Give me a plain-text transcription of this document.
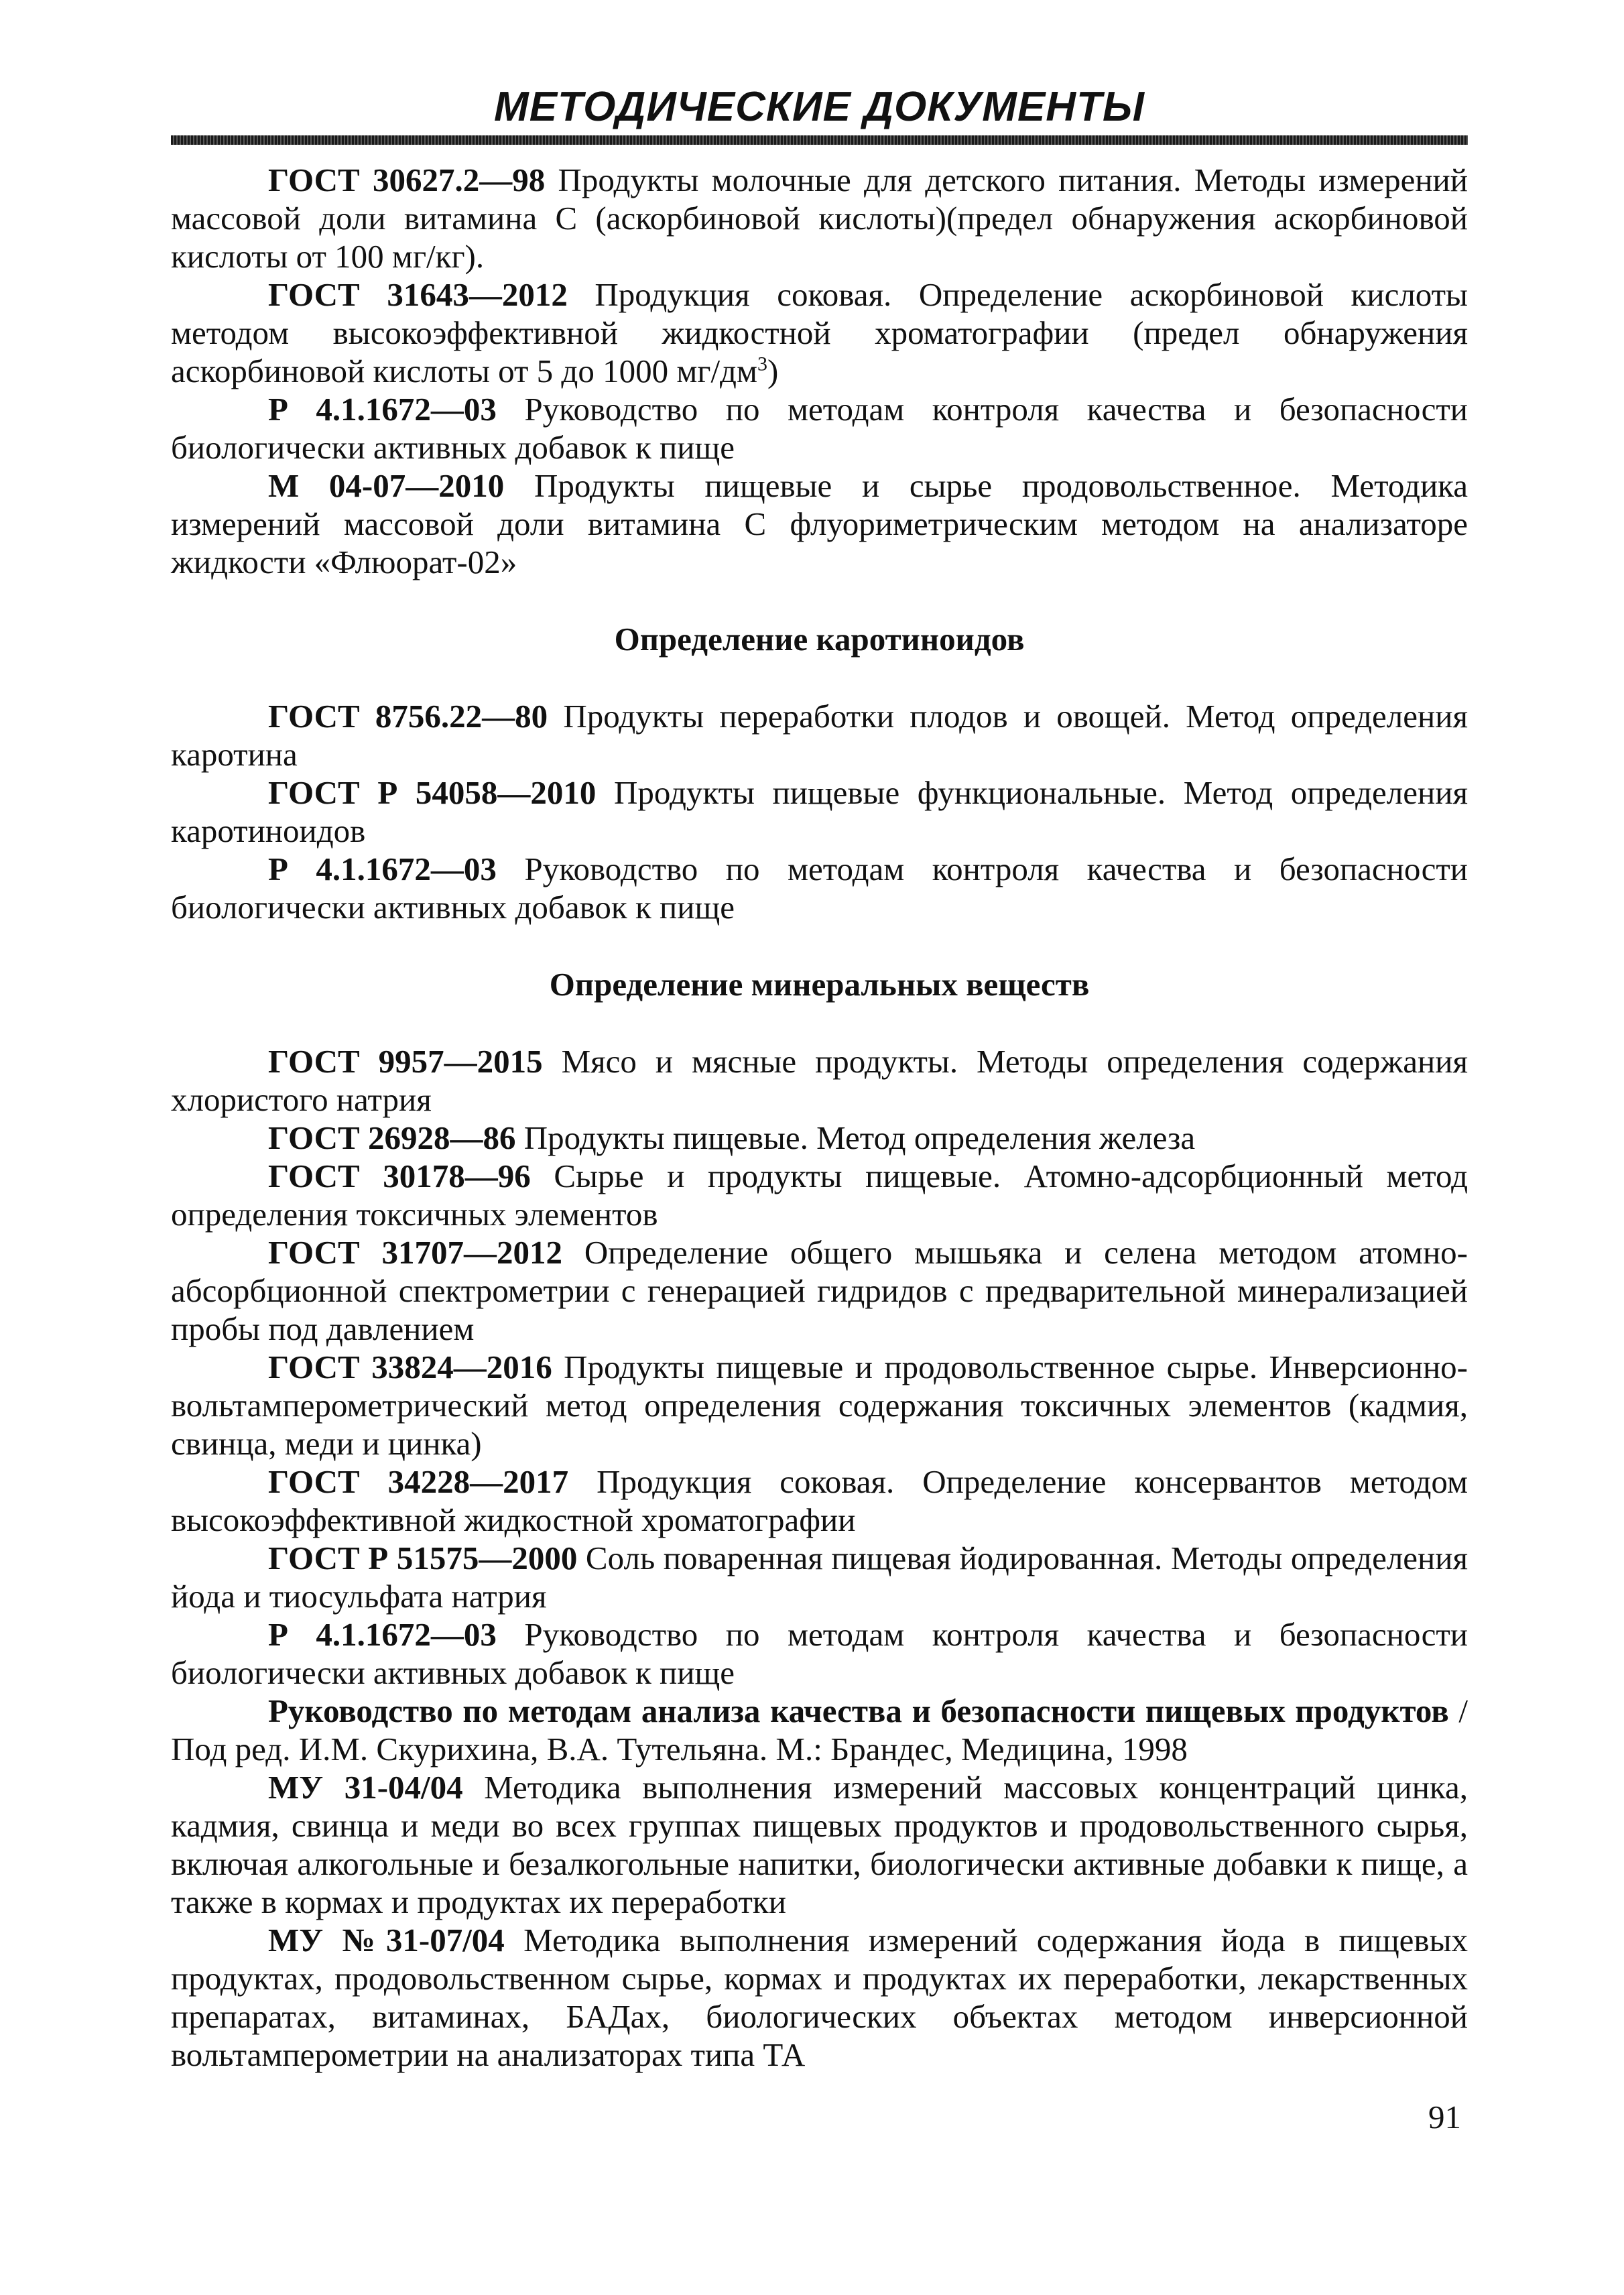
МЕТОДИЧЕСКИЕ ДОКУМЕНТЫ

ГОСТ 30627.2—98 Продукты молочные для детского питания. Методы измерений массовой доли витамина С (аскорбиновой кислоты)(предел обнаружения аскорбиновой кислоты от 100 мг/кг).

ГОСТ 31643—2012 Продукция соковая. Определение аскорбиновой кислоты методом высокоэффективной жидкостной хроматографии (предел обнаружения аскорбиновой кислоты от 5 до 1000 $мг/дм^3$)

Р 4.1.1672—03 Руководство по методам контроля качества и безопасности биологически активных добавок к пище

М 04-07—2010 Продукты пищевые и сырье продовольственное. Методика измерений массовой доли витамина С флуориметрическим методом на анализаторе жидкости «Флюорат-02»

Определение каротиноидов

ГОСТ 8756.22—80 Продукты переработки плодов и овощей. Метод определения каротина

ГОСТ Р 54058—2010 Продукты пищевые функциональные. Метод определения каротиноидов

Р 4.1.1672—03 Руководство по методам контроля качества и безопасности биологически активных добавок к пище

Определение минеральных веществ

ГОСТ 9957—2015 Мясо и мясные продукты. Методы определения содержания хлористого натрия

ГОСТ 26928—86 Продукты пищевые. Метод определения железа

ГОСТ 30178—96 Сырье и продукты пищевые. Атомно-адсорбционный метод определения токсичных элементов

ГОСТ 31707—2012 Определение общего мышьяка и селена методом атомно-абсорбционной спектрометрии с генерацией гидридов с предварительной минерализацией пробы под давлением

ГОСТ 33824—2016 Продукты пищевые и продовольственное сырье. Инверсионно-вольтамперометрический метод определения содержания токсичных элементов (кадмия, свинца, меди и цинка)

ГОСТ 34228—2017 Продукция соковая. Определение консервантов методом высокоэффективной жидкостной хроматографии

ГОСТ Р 51575—2000 Соль поваренная пищевая йодированная. Методы определения йода и тиосульфата натрия

Р 4.1.1672—03 Руководство по методам контроля качества и безопасности биологически активных добавок к пище

Руководство по методам анализа качества и безопасности пищевых продуктов / Под ред. И.М. Скурихина, В.А. Тутельяна. М.: Брандес, Медицина, 1998

МУ 31-04/04 Методика выполнения измерений массовых концентраций цинка, кадмия, свинца и меди во всех группах пищевых продуктов и продовольственного сырья, включая алкогольные и безалкогольные напитки, биологически активные добавки к пище, а также в кормах и продуктах их переработки

МУ №31-07/04 Методика выполнения измерений содержания йода в пищевых продуктах, продовольственном сырье, кормах и продуктах их переработки, лекарственных препаратах, витаминах, БАДах, биологических объектах методом инверсионной вольтамперометрии на анализаторах типа ТА

91
